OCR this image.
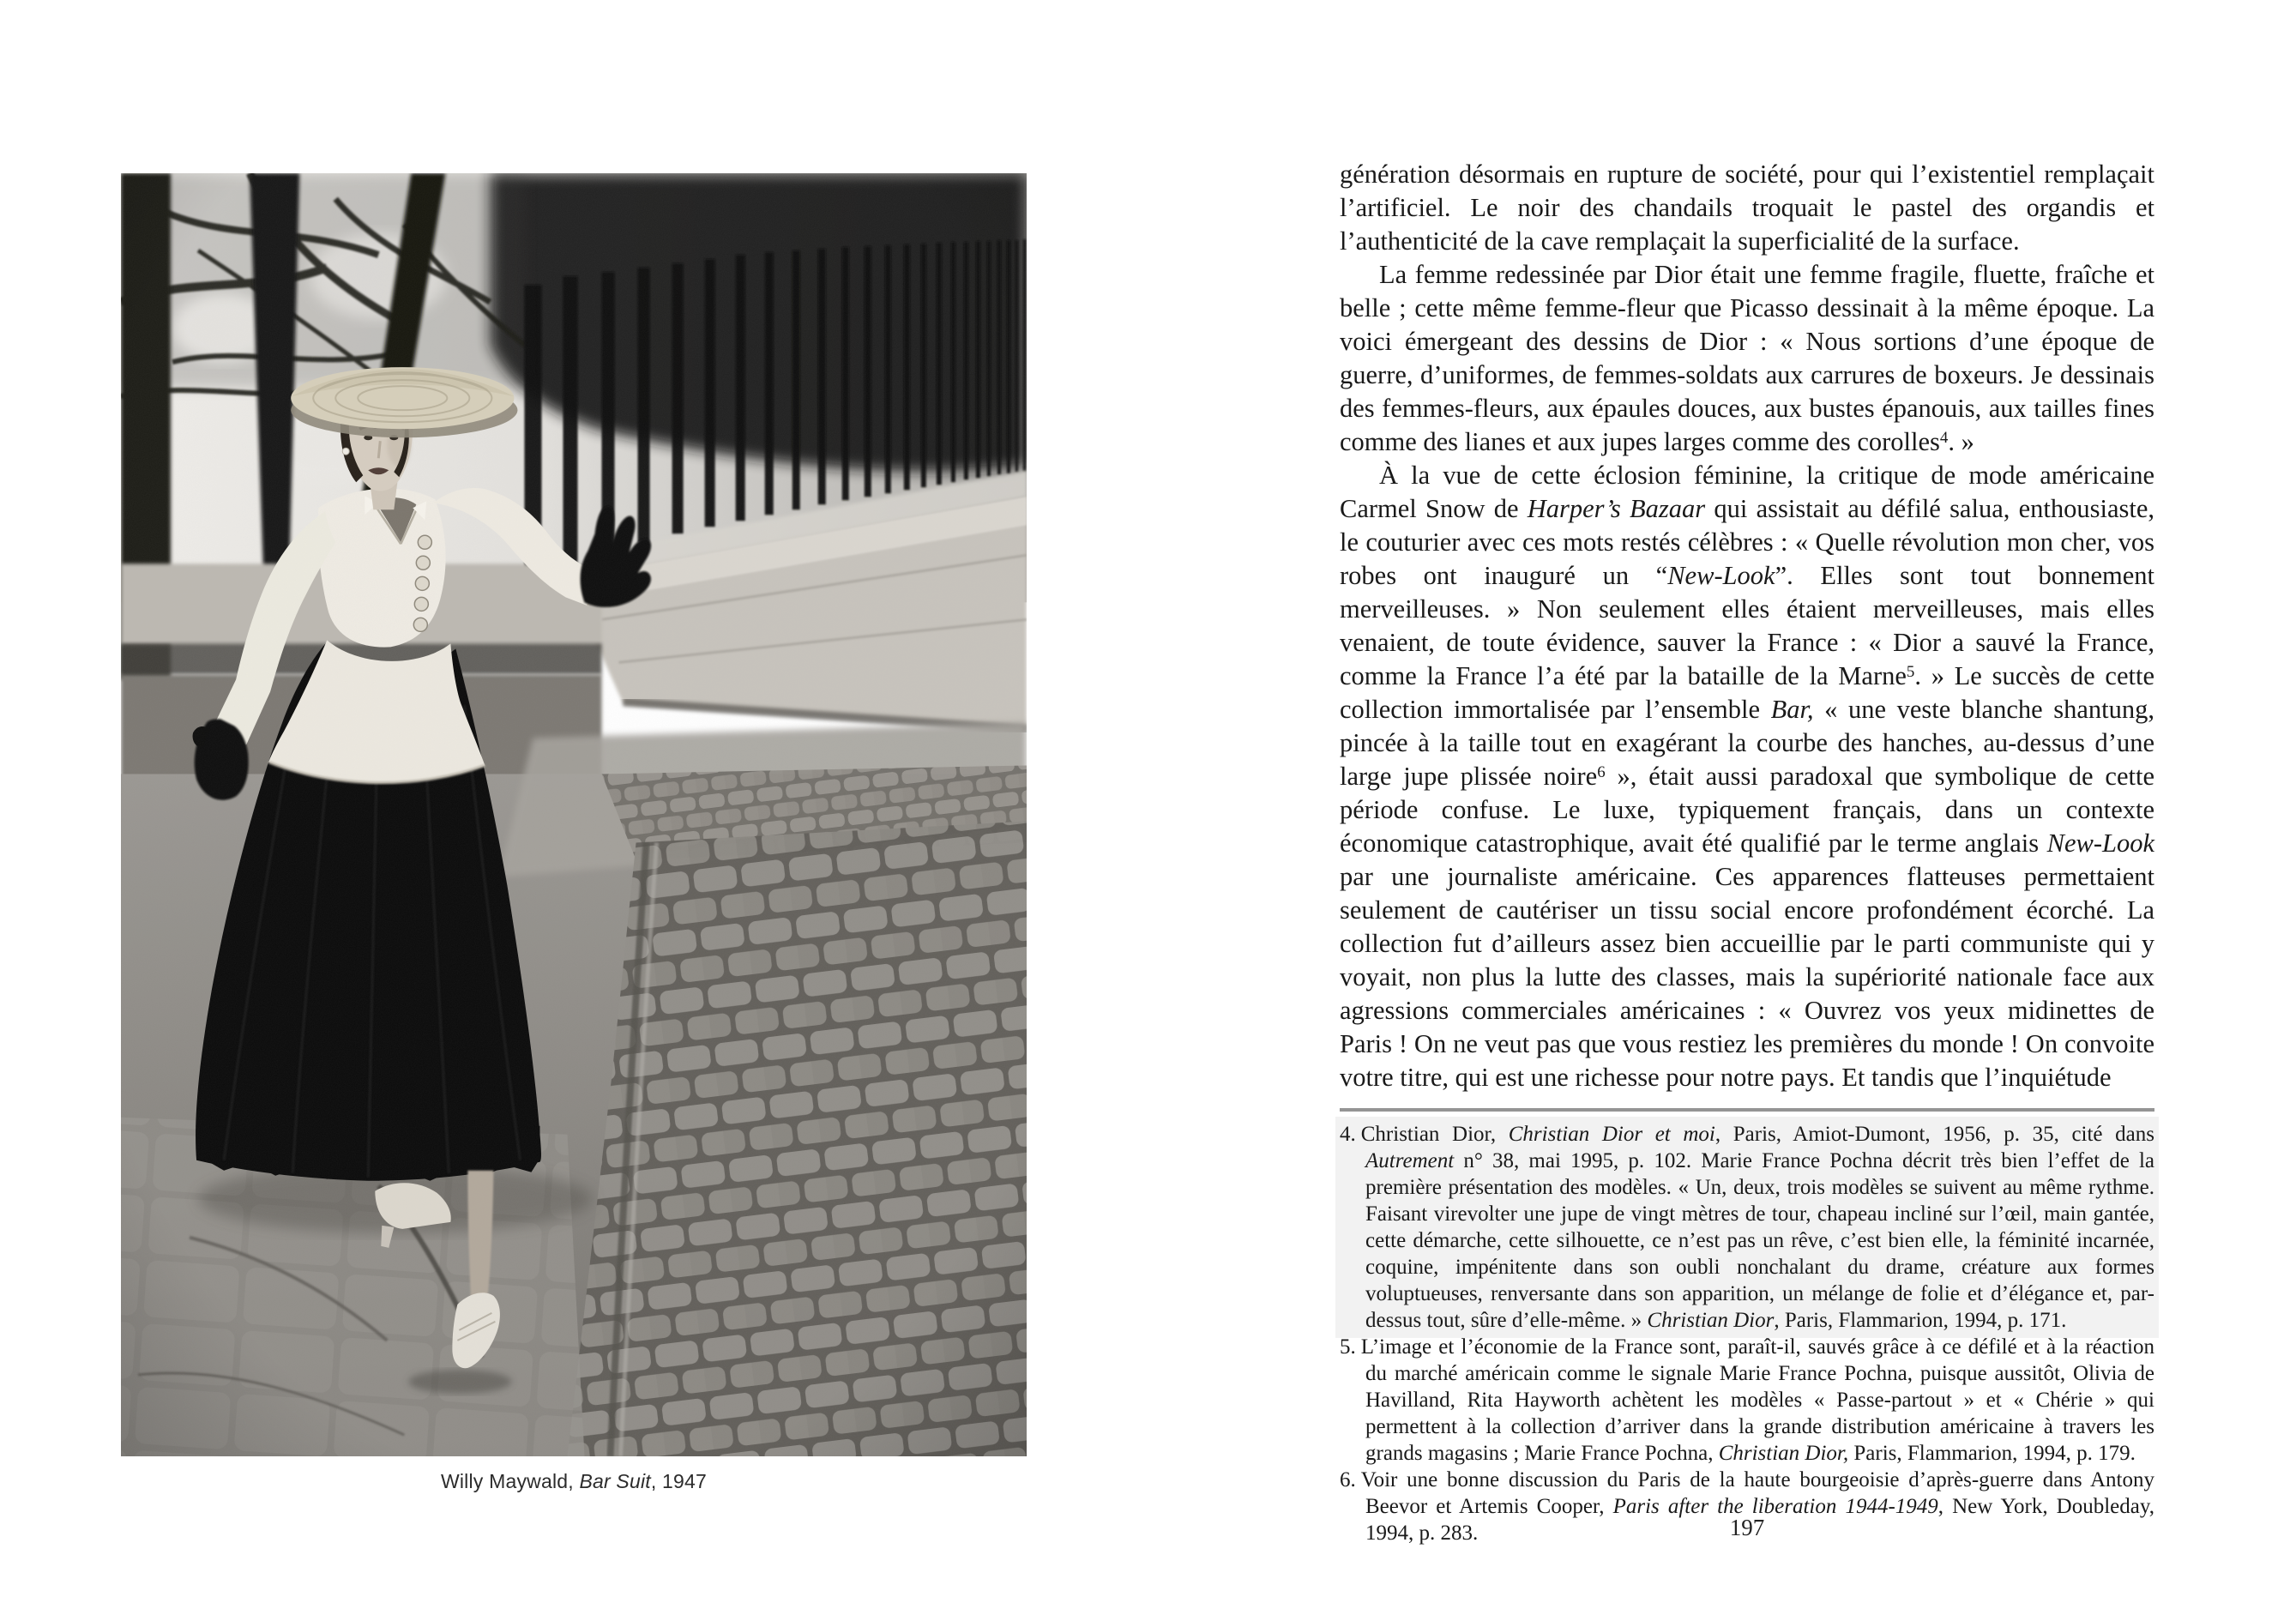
Willy Maywald, Bar Suit, 1947

génération désormais en rupture de société, pour qui l’existentiel remplaçait l’artificiel. Le noir des chandails troquait le pastel des organdis et l’authenticité de la cave remplaçait la superficialité de la surface.

La femme redessinée par Dior était une femme fragile, fluette, fraîche et belle ; cette même femme-fleur que Picasso dessinait à la même époque. La voici émergeant des dessins de Dior : « Nous sortions d’une époque de guerre, d’uniformes, de femmes-soldats aux carrures de boxeurs. Je dessinais des femmes-fleurs, aux épaules douces, aux bustes épanouis, aux tailles fines comme des lianes et aux jupes larges comme des corolles$^4$. »

À la vue de cette éclosion féminine, la critique de mode américaine Carmel Snow de Harper’s Bazaar qui assistait au défilé salua, enthousiaste, le couturier avec ces mots restés célèbres : « Quelle révolution mon cher, vos robes ont inauguré un “New-Look”. Elles sont tout bonnement merveilleuses. » Non seulement elles étaient merveilleuses, mais elles venaient, de toute évidence, sauver la France : « Dior a sauvé la France, comme la France l’a été par la bataille de la Marne$^5$. » Le succès de cette collection immortalisée par l’ensemble Bar, « une veste blanche shantung, pincée à la taille tout en exagérant la courbe des hanches, au-dessus d’une large jupe plissée noire$^6$ », était aussi paradoxal que symbolique de cette période confuse. Le luxe, typiquement français, dans un contexte économique catastrophique, avait été qualifié par le terme anglais New-Look par une journaliste américaine. Ces apparences flatteuses permettaient seulement de cautériser un tissu social encore profondément écorché. La collection fut d’ailleurs assez bien accueillie par le parti communiste qui y voyait, non plus la lutte des classes, mais la supériorité nationale face aux agressions commerciales américaines : « Ouvrez vos yeux midinettes de Paris ! On ne veut pas que vous restiez les premières du monde ! On convoite votre titre, qui est une richesse pour notre pays. Et tandis que l’inquiétude

4. Christian Dior, Christian Dior et moi, Paris, Amiot-Dumont, 1956, p. 35, cité dans Autrement n° 38, mai 1995, p. 102. Marie France Pochna décrit très bien l’effet de la première présentation des modèles. « Un, deux, trois modèles se suivent au même rythme. Faisant virevolter une jupe de vingt mètres de tour, chapeau incliné sur l’œil, main gantée, cette démarche, cette silhouette, ce n’est pas un rêve, c’est bien elle, la féminité incarnée, coquine, impénitente dans son oubli nonchalant du drame, créature aux formes voluptueuses, renversante dans son apparition, un mélange de folie et d’élégance et, par-dessus tout, sûre d’elle-même. » Christian Dior, Paris, Flammarion, 1994, p. 171.
5. L’image et l’économie de la France sont, paraît-il, sauvés grâce à ce défilé et à la réaction du marché américain comme le signale Marie France Pochna, puisque aussitôt, Olivia de Havilland, Rita Hayworth achètent les modèles « Passe-partout » et « Chérie » qui permettent à la collection d’arriver dans la grande distribution américaine à travers les grands magasins ; Marie France Pochna, Christian Dior, Paris, Flammarion, 1994, p. 179.
6. Voir une bonne discussion du Paris de la haute bourgeoisie d’après-guerre dans Antony Beevor et Artemis Cooper, Paris after the liberation 1944-1949, New York, Doubleday, 1994, p. 283.	197
